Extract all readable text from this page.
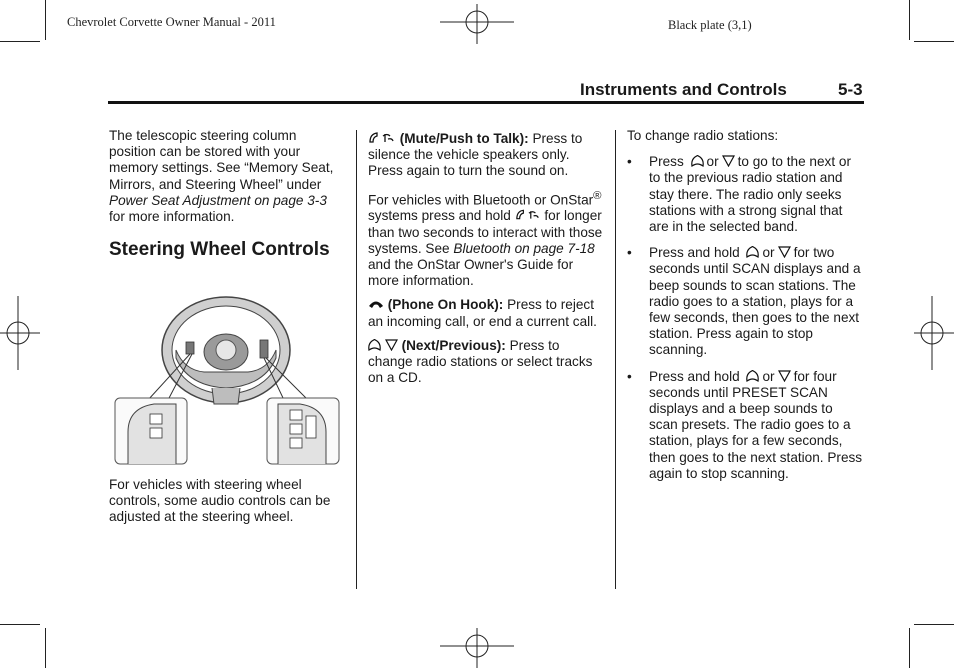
Chevrolet Corvette Owner Manual - 2011	Black plate (3,1)
Instruments and Controls	5-3

The telescopic steering column position can be stored with your memory settings. See “Memory Seat, Mirrors, and Steering Wheel” under Power Seat Adjustment on page 3-3 for more information.

Steering Wheel Controls

For vehicles with steering wheel controls, some audio controls can be adjusted at the steering wheel.

(Mute/Push to Talk): Press to silence the vehicle speakers only. Press again to turn the sound on.

For vehicles with Bluetooth or OnStar® systems press and hold  for longer than two seconds to interact with those systems. See Bluetooth on page 7-18 and the OnStar Owner's Guide for more information.

(Phone On Hook): Press to reject an incoming call, or end a current call.

(Next/Previous): Press to change radio stations or select tracks on a CD.

To change radio stations:

• Press or to go to the next or to the previous radio station and stay there. The radio only seeks stations with a strong signal that are in the selected band.
• Press and hold or for two seconds until SCAN displays and a beep sounds to scan stations. The radio goes to a station, plays for a few seconds, then goes to the next station. Press again to stop scanning.
• Press and hold or for four seconds until PRESET SCAN displays and a beep sounds to scan presets. The radio goes to a station, plays for a few seconds, then goes to the next station. Press again to stop scanning.
